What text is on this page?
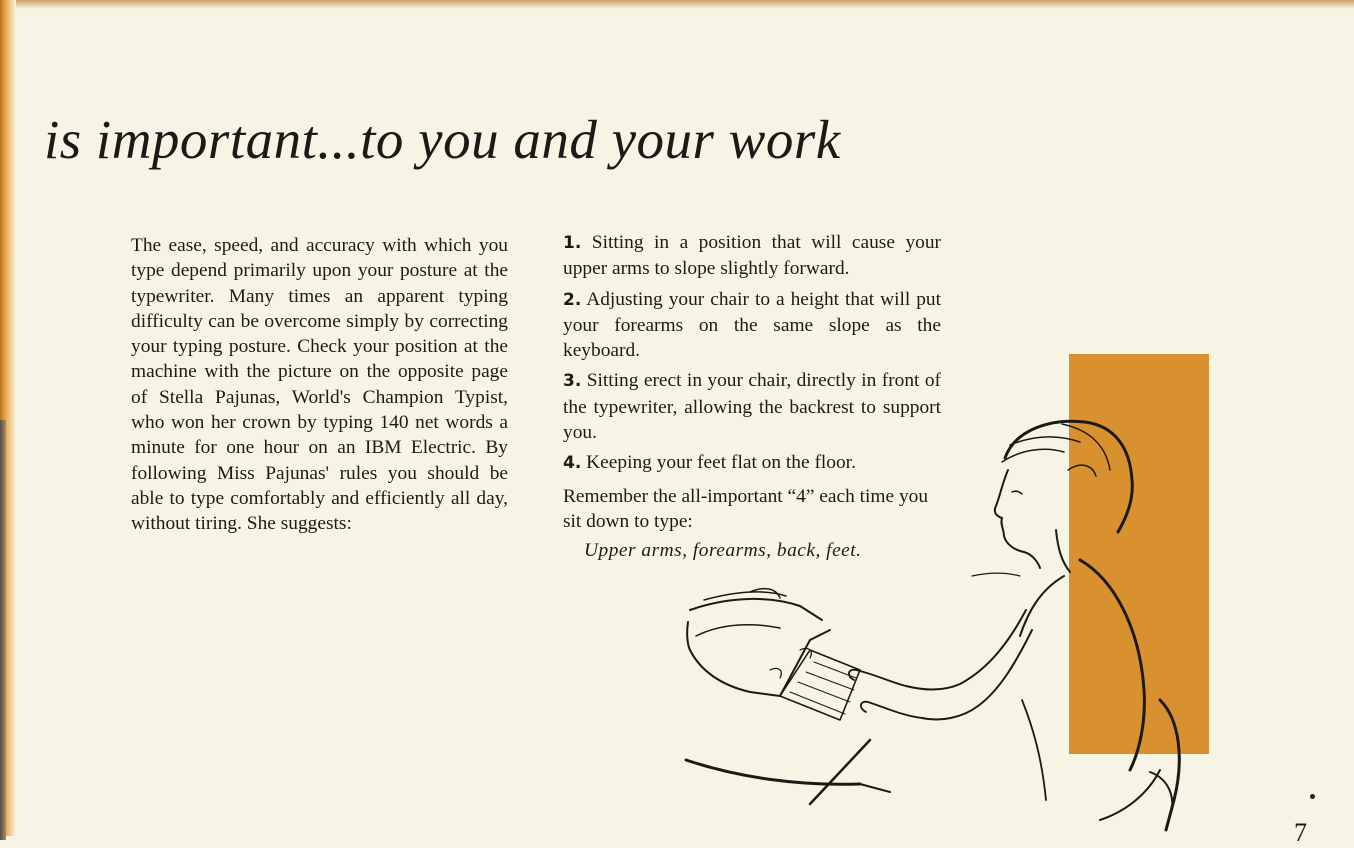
is important...to you and your work

The ease, speed, and accuracy with which you type depend primarily upon your posture at the typewriter. Many times an apparent typing difficulty can be overcome simply by correcting your typing posture. Check your position at the machine with the picture on the opposite page of Stella Pajunas, World's Champion Typist, who won her crown by typing 140 net words a minute for one hour on an IBM Electric. By following Miss Pajunas' rules you should be able to type comfortably and efficiently all day, without tiring. She suggests:

1. Sitting in a position that will cause your upper arms to slope slightly forward.

2. Adjusting your chair to a height that will put your forearms on the same slope as the keyboard.

3. Sitting erect in your chair, directly in front of the typewriter, allowing the backrest to support you.

4. Keeping your feet flat on the floor.

Remember the all-important “4” each time you sit down to type:

Upper arms, forearms, back, feet.

7
